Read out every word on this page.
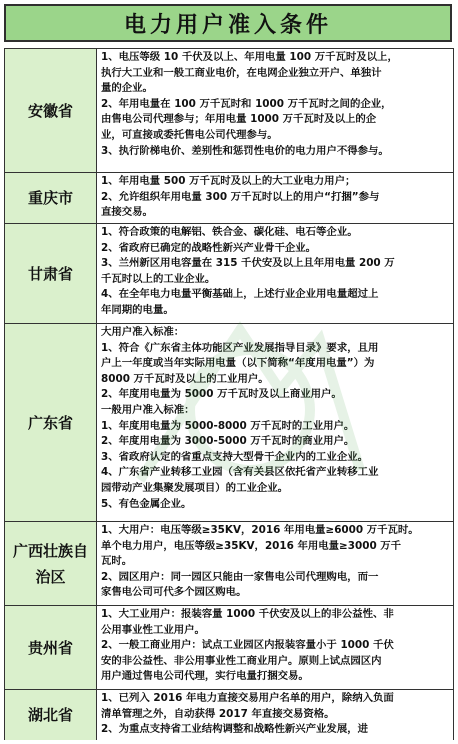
电力用户准入条件
安徽省
1、电压等级 10 千伏及以上、年用电量 100 万千瓦时及以上，
执行大工业和一般工商业电价，在电网企业独立开户、单独计
量的企业。
2、年用电量在 100 万千瓦时和 1000 万千瓦时之间的企业，
由售电公司代理参与；年用电量 1000 万千瓦时及以上的企
业，可直接或委托售电公司代理参与。
3、执行阶梯电价、差别性和惩罚性电价的电力用户不得参与。
重庆市
1、年用电量 500 万千瓦时及以上的大工业电力用户；
2、允许组织年用电量 300 万千瓦时以上的用户“打捆”参与
直接交易。
甘肃省
1、符合政策的电解铝、铁合金、碳化硅、电石等企业。
2、省政府已确定的战略性新兴产业骨干企业。
3、兰州新区用电容量在 315 千伏安及以上且年用电量 200 万
千瓦时以上的工业企业。
4、在全年电力电量平衡基础上，上述行业企业用电量超过上
年同期的电量。
广东省
大用户准入标准：
1、符合《广东省主体功能区产业发展指导目录》要求，且用
户上一年度或当年实际用电量（以下简称“年度用电量”）为
8000 万千瓦时及以上的工业用户。
2、年度用电量为 5000 万千瓦时及以上商业用户。
一般用户准入标准：
1、年度用电量为 5000-8000 万千瓦时的工业用户。
2、年度用电量为 3000-5000 万千瓦时的商业用户。
3、省政府认定的省重点支持大型骨干企业内的工业企业。
4、广东省产业转移工业园（含有关县区依托省产业转移工业
园带动产业集聚发展项目）的工业企业。
5、有色金属企业。
广西壮族自治区
1、大用户：电压等级≥35KV，2016 年用电量≥6000 万千瓦时。
单个电力用户，电压等级≥35KV，2016 年用电量≥3000 万千
瓦时。
2、园区用户：同一园区只能由一家售电公司代理购电，而一
家售电公司可代多个园区购电。
贵州省
1、大工业用户：报装容量 1000 千伏安及以上的非公益性、非
公用事业性工业用户。
2、一般工商业用户：试点工业园区内报装容量小于 1000 千伏
安的非公益性、非公用事业性工商业用户。原则上试点园区内
用户通过售电公司代理，实行电量打捆交易。
湖北省
1、已列入 2016 年电力直接交易用户名单的用户，除纳入负面
清单管理之外，自动获得 2017 年直接交易资格。
2、为重点支持省工业结构调整和战略性新兴产业发展，进
